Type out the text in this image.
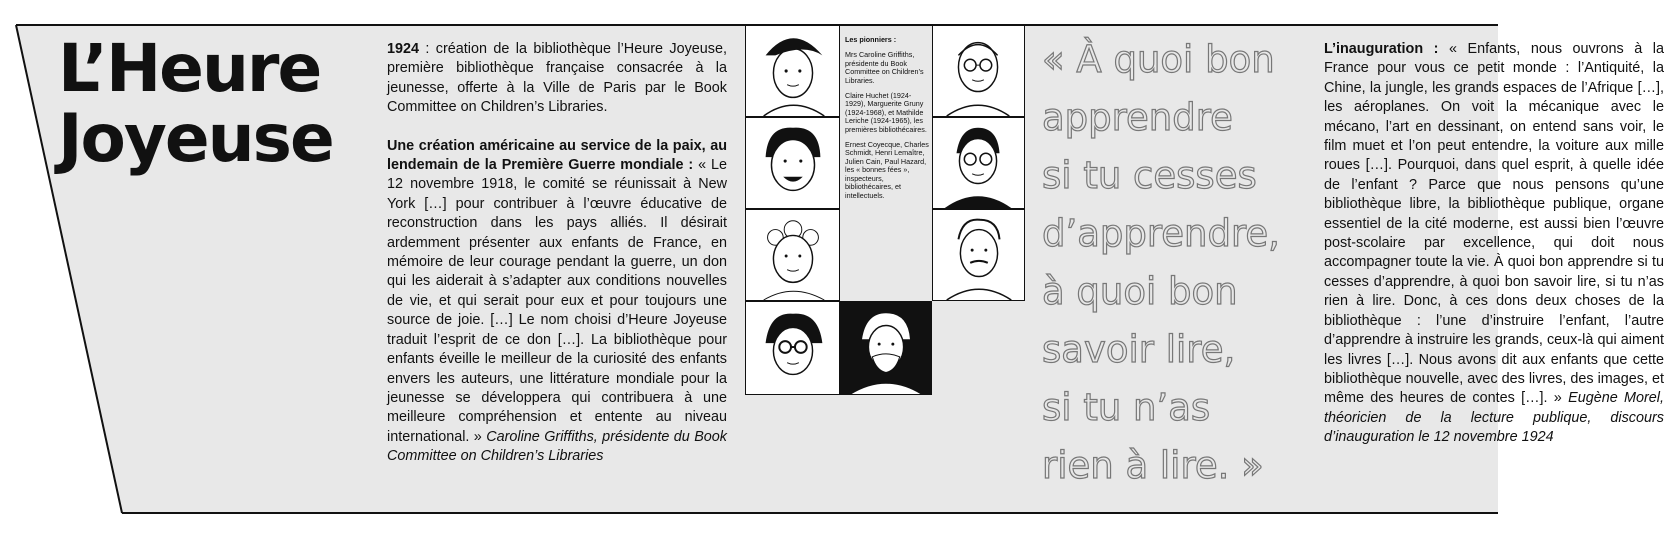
L’Heure
Joyeuse

1924 : création de la bibliothèque l’Heure Joyeuse, première bibliothèque française consacrée à la jeunesse, offerte à la Ville de Paris par le Book Committee on Children’s Libraries.

Une création américaine au service de la paix, au lendemain de la Première Guerre mondiale : « Le 12 novembre 1918, le comité se réunissait à New York […] pour contribuer à l’œuvre éducative de reconstruction dans les pays alliés. Il désirait ardemment présenter aux enfants de France, en mémoire de leur courage pendant la guerre, un don qui les aiderait à s’adapter aux conditions nouvelles de vie, et qui serait pour eux et pour toujours une source de joie. […] Le nom choisi d’Heure Joyeuse traduit l’esprit de ce don […]. La bibliothèque pour enfants éveille le meilleur de la curiosité des enfants envers les auteurs, une littérature mondiale pour la jeunesse se développera qui contribuera à une meilleure compréhension et entente au niveau international. » Caroline Griffiths, présidente du Book Committee on Children’s Libraries

Les pionniers :

Mrs Caroline Griffiths, présidente du Book Committee on Children’s Libraries.

Claire Huchet (1924-1929), Marguerite Gruny (1924-1968), et Mathilde Leriche (1924-1965), les premières bibliothécaires.

Ernest Coyecque, Charles Schmidt, Henri Lemaître, Julien Cain, Paul Hazard, les « bonnes fées », inspecteurs, bibliothécaires, et intellectuels.

« À quoi bon
apprendre
si tu cesses
d’apprendre,
à quoi bon
savoir lire,
si tu n’as
rien à lire. »
L’inauguration : « Enfants, nous ouvrons à la France pour vous ce petit monde : l’Antiquité, la Chine, la jungle, les grands espaces de l’Afrique […], les aéroplanes. On voit la mécanique avec le mécano, l’art en dessinant, on entend sans voir, le film muet et l’on peut entendre, la voiture aux mille roues […]. Pourquoi, dans quel esprit, à quelle idée de l’enfant ? Parce que nous pensons qu’une bibliothèque libre, la bibliothèque publique, organe essentiel de la cité moderne, est aussi bien l’œuvre post-scolaire par excellence, qui doit nous accompagner toute la vie. À quoi bon apprendre si tu cesses d’apprendre, à quoi bon savoir lire, si tu n’as rien à lire. Donc, à ces dons deux choses de la bibliothèque : l’une d’instruire l’enfant, l’autre d’apprendre à instruire les grands, ceux-là qui aiment les livres […]. Nous avons dit aux enfants que cette bibliothèque nouvelle, avec des livres, des images, et même des heures de contes […]. » Eugène Morel, théoricien de la lecture publique, discours d’inauguration le 12 novembre 1924
